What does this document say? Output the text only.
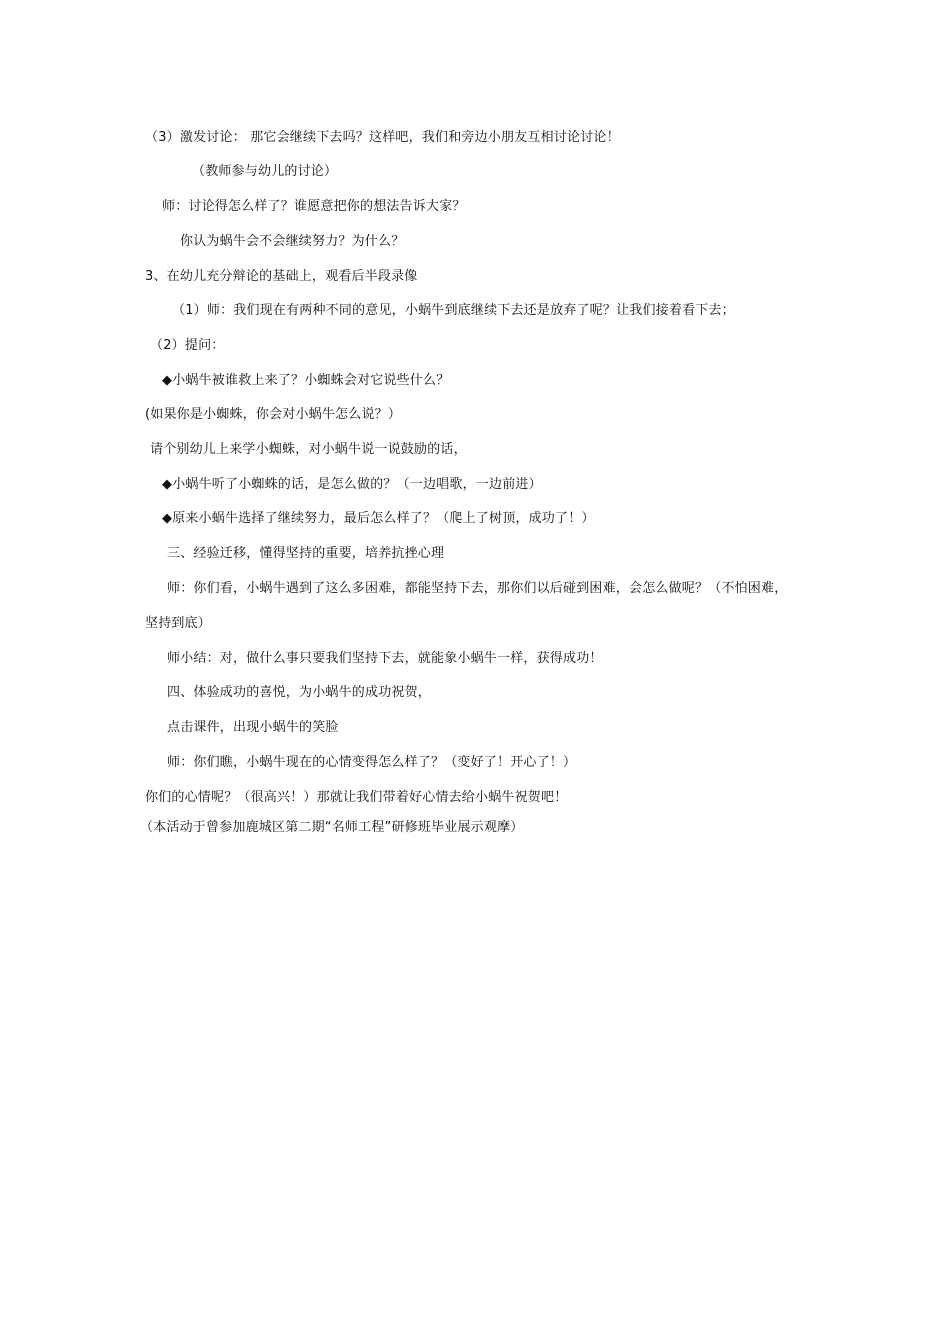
（3）激发讨论： 那它会继续下去吗？这样吧，我们和旁边小朋友互相讨论讨论！
（教师参与幼儿的讨论）
师：讨论得怎么样了？谁愿意把你的想法告诉大家？
你认为蜗牛会不会继续努力？为什么？
3、在幼儿充分辩论的基础上，观看后半段录像
（1）师：我们现在有两种不同的意见，小蜗牛到底继续下去还是放弃了呢？让我们接着看下去；
（2）提问：
◆小蜗牛被谁救上来了？小蜘蛛会对它说些什么？
(如果你是小蜘蛛，你会对小蜗牛怎么说？）
请个别幼儿上来学小蜘蛛，对小蜗牛说一说鼓励的话，
◆小蜗牛听了小蜘蛛的话，是怎么做的？（一边唱歌，一边前进）
◆原来小蜗牛选择了继续努力，最后怎么样了？（爬上了树顶，成功了！）
三、经验迁移，懂得坚持的重要，培养抗挫心理
师：你们看，小蜗牛遇到了这么多困难，都能坚持下去，那你们以后碰到困难，会怎么做呢？（不怕困难，
坚持到底）
师小结：对，做什么事只要我们坚持下去，就能象小蜗牛一样，获得成功！
四、体验成功的喜悦，为小蜗牛的成功祝贺，
点击课件，出现小蜗牛的笑脸
师：你们瞧，小蜗牛现在的心情变得怎么样了？（变好了！开心了！）
你们的心情呢？（很高兴！）那就让我们带着好心情去给小蜗牛祝贺吧！
（本活动于曾参加鹿城区第二期“名师工程”研修班毕业展示观摩）
